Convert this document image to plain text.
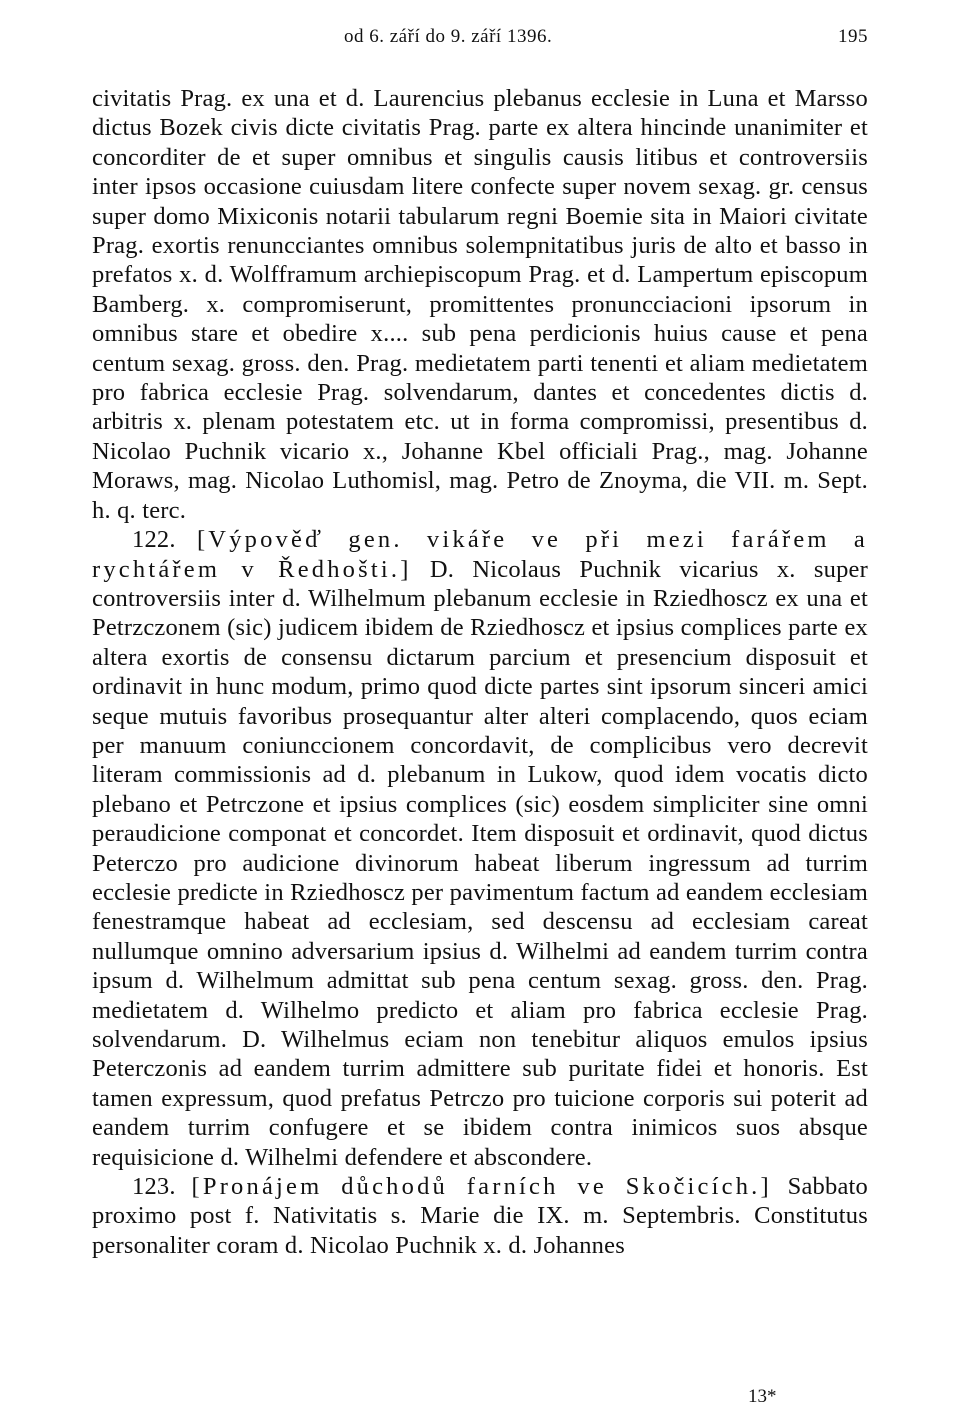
od 6. září do 9. září 1396.	195

civitatis Prag. ex una et d. Laurencius plebanus ecclesie in Luna et Marsso dictus Bozek civis dicte civitatis Prag. parte ex altera hincinde unanimiter et concorditer de et super omnibus et singulis causis litibus et controversiis inter ipsos occasione cuiusdam litere confecte super novem sexag. gr. census super domo Mixiconis notarii tabularum regni Boemie sita in Maiori civitate Prag. exortis renuncciantes omnibus solempnitatibus juris de alto et basso in prefatos x. d. Wolfframum archiepiscopum Prag. et d. Lampertum episcopum Bamberg. x. compromiserunt, promittentes pronuncciacioni ipsorum in omnibus stare et obedire x.... sub pena perdicionis huius cause et pena centum sexag. gross. den. Prag. medietatem parti tenenti et aliam medietatem pro fabrica ecclesie Prag. solvendarum, dantes et concedentes dictis d. arbitris x. plenam potestatem etc. ut in forma compromissi, presentibus d. Nicolao Puchnik vicario x., Johanne Kbel officiali Prag., mag. Johanne Moraws, mag. Nicolao Luthomisl, mag. Petro de Znoyma, die VII. m. Sept. h. q. terc.

122. [Výpověď gen. vikáře ve při mezi farářem a rychtářem v Ředhošti.] D. Nicolaus Puchnik vicarius x. super controversiis inter d. Wilhelmum plebanum ecclesie in Rziedhoscz ex una et Petrzczonem (sic) judicem ibidem de Rziedhoscz et ipsius complices parte ex altera exortis de consensu dictarum parcium et presencium disposuit et ordinavit in hunc modum, primo quod dicte partes sint ipsorum sinceri amici seque mutuis favoribus prosequantur alter alteri complacendo, quos eciam per manuum coniunccionem concordavit, de complicibus vero decrevit literam commissionis ad d. plebanum in Lukow, quod idem vocatis dicto plebano et Petrczone et ipsius complices (sic) eosdem simpliciter sine omni peraudicione componat et concordet. Item disposuit et ordinavit, quod dictus Peterczo pro audicione divinorum habeat liberum ingressum ad turrim ecclesie predicte in Rziedhoscz per pavimentum factum ad eandem ecclesiam fenestramque habeat ad ecclesiam, sed descensu ad ecclesiam careat nullumque omnino adversarium ipsius d. Wilhelmi ad eandem turrim contra ipsum d. Wilhelmum admittat sub pena centum sexag. gross. den. Prag. medietatem d. Wilhelmo predicto et aliam pro fabrica ecclesie Prag. solvendarum. D. Wilhelmus eciam non tenebitur aliquos emulos ipsius Peterczonis ad eandem turrim admittere sub puritate fidei et honoris. Est tamen expressum, quod prefatus Petrczo pro tuicione corporis sui poterit ad eandem turrim confugere et se ibidem contra inimicos suos absque requisicione d. Wilhelmi defendere et abscondere.

123. [Pronájem důchodů farních ve Skočicích.] Sabbato proximo post f. Nativitatis s. Marie die IX. m. Septembris. Constitutus personaliter coram d. Nicolao Puchnik x. d. Johannes

13*
